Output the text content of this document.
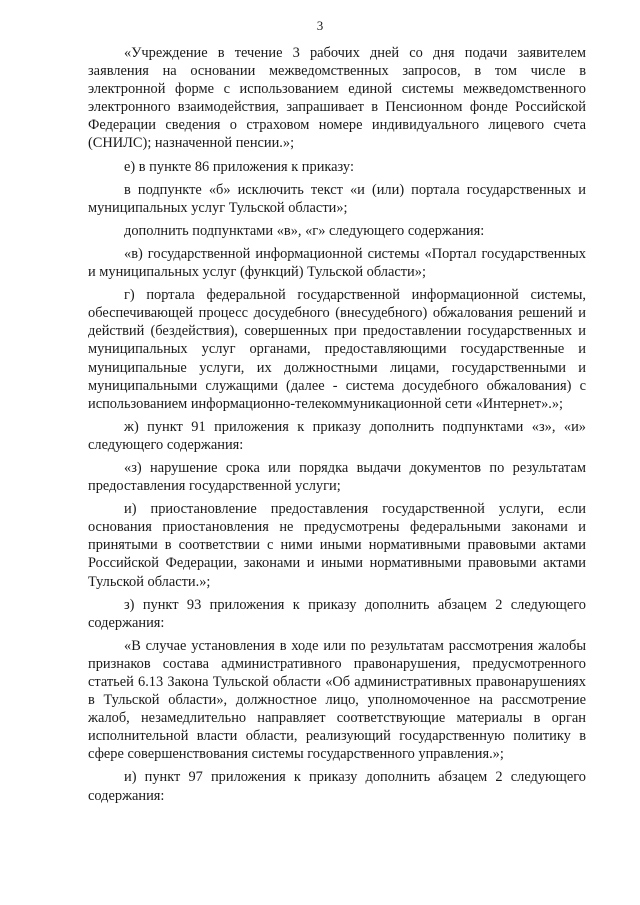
3

«Учреждение в течение 3 рабочих дней со дня подачи заявителем заявления на основании межведомственных запросов, в том числе в электронной форме с использованием единой системы межведомственного электронного взаимодействия, запрашивает в Пенсионном фонде Российской Федерации сведения о страховом номере индивидуального лицевого счета (СНИЛС); назначенной пенсии.»;

е) в пункте 86 приложения к приказу:

в подпункте «б» исключить текст «и (или) портала государственных и муниципальных услуг Тульской области»;

дополнить подпунктами «в», «г» следующего содержания:

«в) государственной информационной системы «Портал государственных и муниципальных услуг (функций) Тульской области»;

г) портала федеральной государственной информационной системы, обеспечивающей процесс досудебного (внесудебного) обжалования решений и действий (бездействия), совершенных при предоставлении государственных и муниципальных услуг органами, предоставляющими государственные и муниципальные услуги, их должностными лицами, государственными и муниципальными служащими (далее - система досудебного обжалования) с использованием информационно-телекоммуникационной сети «Интернет».»;

ж) пункт 91 приложения к приказу дополнить подпунктами «з», «и» следующего содержания:

«з) нарушение срока или порядка выдачи документов по результатам предоставления государственной услуги;

и) приостановление предоставления государственной услуги, если основания приостановления не предусмотрены федеральными законами и принятыми в соответствии с ними иными нормативными правовыми актами Российской Федерации, законами и иными нормативными правовыми актами Тульской области.»;

з) пункт 93 приложения к приказу дополнить абзацем 2 следующего содержания:

«В случае установления в ходе или по результатам рассмотрения жалобы признаков состава административного правонарушения, предусмотренного статьей 6.13 Закона Тульской области «Об административных правонарушениях в Тульской области», должностное лицо, уполномоченное на рассмотрение жалоб, незамедлительно направляет соответствующие материалы в орган исполнительной власти области, реализующий государственную политику в сфере совершенствования системы государственного управления.»;

и) пункт 97 приложения к приказу дополнить абзацем 2 следующего содержания:
